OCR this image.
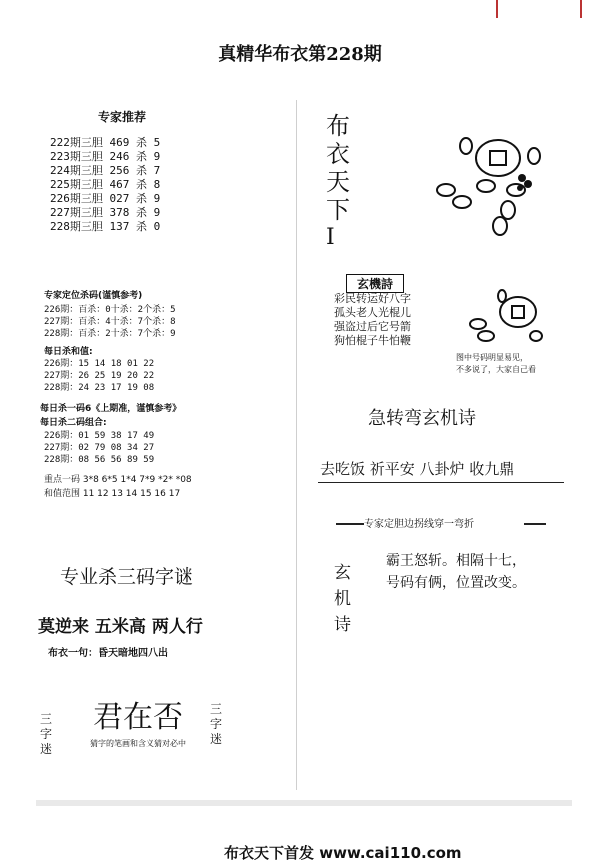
真精华布衣第228期
专家推荐
222期三胆 469 杀 5
223期三胆 246 杀 9
224期三胆 256 杀 7
225期三胆 467 杀 8
226期三胆 027 杀 9
227期三胆 378 杀 9
228期三胆 137 杀 0
专家定位杀码(谨慎参考)
226期：百杀：0十杀：2个杀：5
227期：百杀：4十杀：7个杀：8
228期：百杀：2十杀：7个杀：9
每日杀和值:
226期：15 14 18 01 22
227期：26 25 19 20 22
228期：24 23 17 19 08
每日杀一码6《上期准，谨慎参考》
每日杀二码组合:
226期：01 59 38 17 49
227期：02 79 08 34 27
228期：08 56 56 89 59
重点一码 3*8 6*5 1*4 7*9 *2* *08
和值范围 11 12 13 14 15 16 17
专业杀三码字谜
莫逆来 五米高 两人行
布衣一句：昏天暗地四八出
三字迷
君在否 三字迷
猜字的笔画和含义猜对必中
布衣天下
I
玄機詩
彩民转运好八字
孤头老人光棍儿
强盗过后它号箭
狗怕棍子牛怕鞭
图中号码明显易见，
不多说了，大家自己看
急转弯玄机诗
去吃饭 祈平安 八卦炉 收九鼎
专家定胆边拐线穿一弯折
玄机诗
霸王怒斩。相隔十七，
号码有俩，位置改变。
布衣天下首发 www.cai110.com
